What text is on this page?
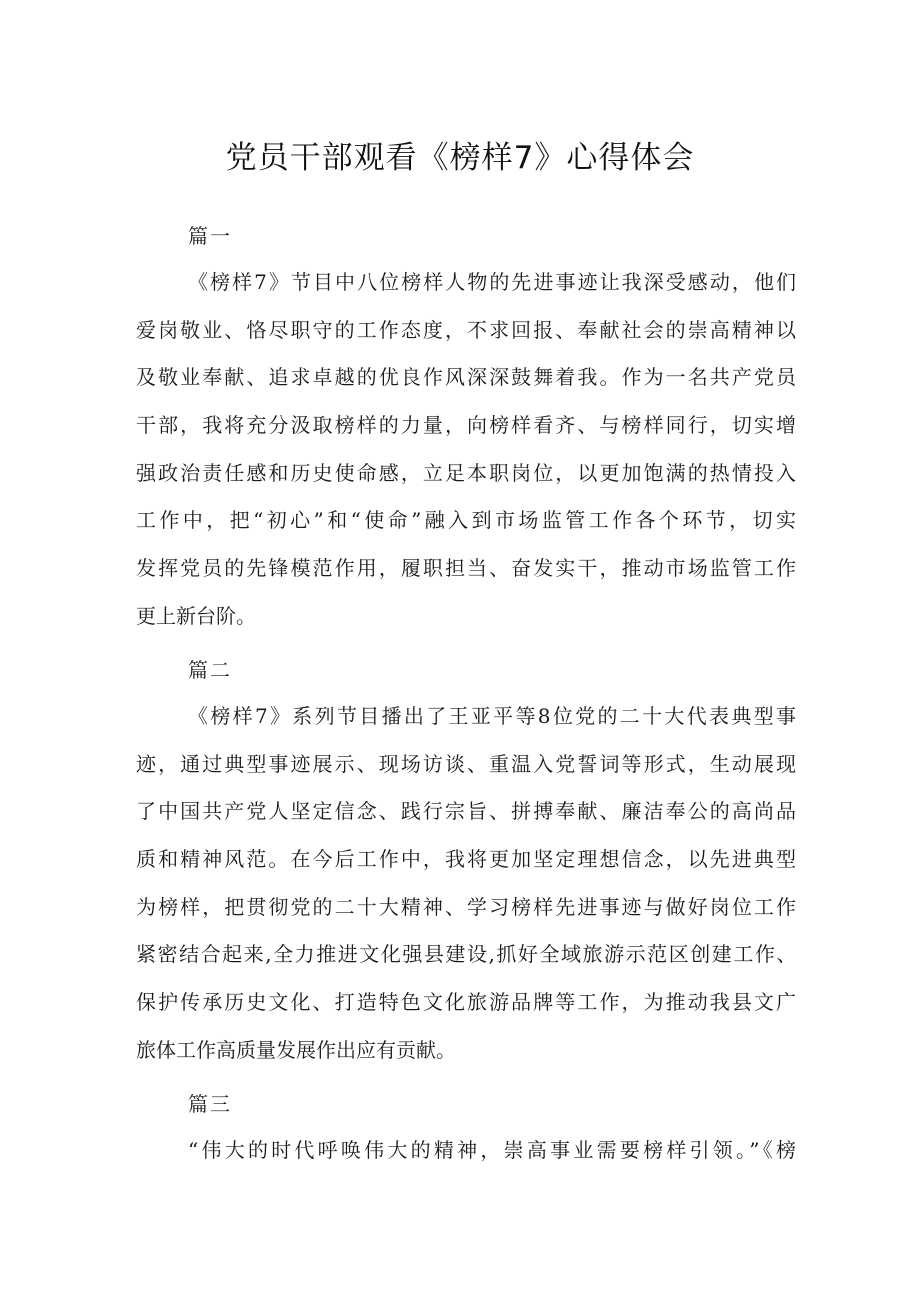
党员干部观看《榜样7》心得体会
篇一
《榜样7》节目中八位榜样人物的先进事迹让我深受感动，他们
爱岗敬业、恪尽职守的工作态度，不求回报、奉献社会的崇高精神以
及敬业奉献、追求卓越的优良作风深深鼓舞着我。作为一名共产党员
干部，我将充分汲取榜样的力量，向榜样看齐、与榜样同行，切实增
强政治责任感和历史使命感，立足本职岗位，以更加饱满的热情投入
工作中，把“初心”和“使命”融入到市场监管工作各个环节，切实
发挥党员的先锋模范作用，履职担当、奋发实干，推动市场监管工作
更上新台阶。
篇二
《榜样7》系列节目播出了王亚平等8位党的二十大代表典型事
迹，通过典型事迹展示、现场访谈、重温入党誓词等形式，生动展现
了中国共产党人坚定信念、践行宗旨、拼搏奉献、廉洁奉公的高尚品
质和精神风范。在今后工作中，我将更加坚定理想信念，以先进典型
为榜样，把贯彻党的二十大精神、学习榜样先进事迹与做好岗位工作
紧密结合起来,全力推进文化强县建设,抓好全域旅游示范区创建工作、
保护传承历史文化、打造特色文化旅游品牌等工作，为推动我县文广
旅体工作高质量发展作出应有贡献。
篇三
“伟大的时代呼唤伟大的精神，崇高事业需要榜样引领。”《榜
